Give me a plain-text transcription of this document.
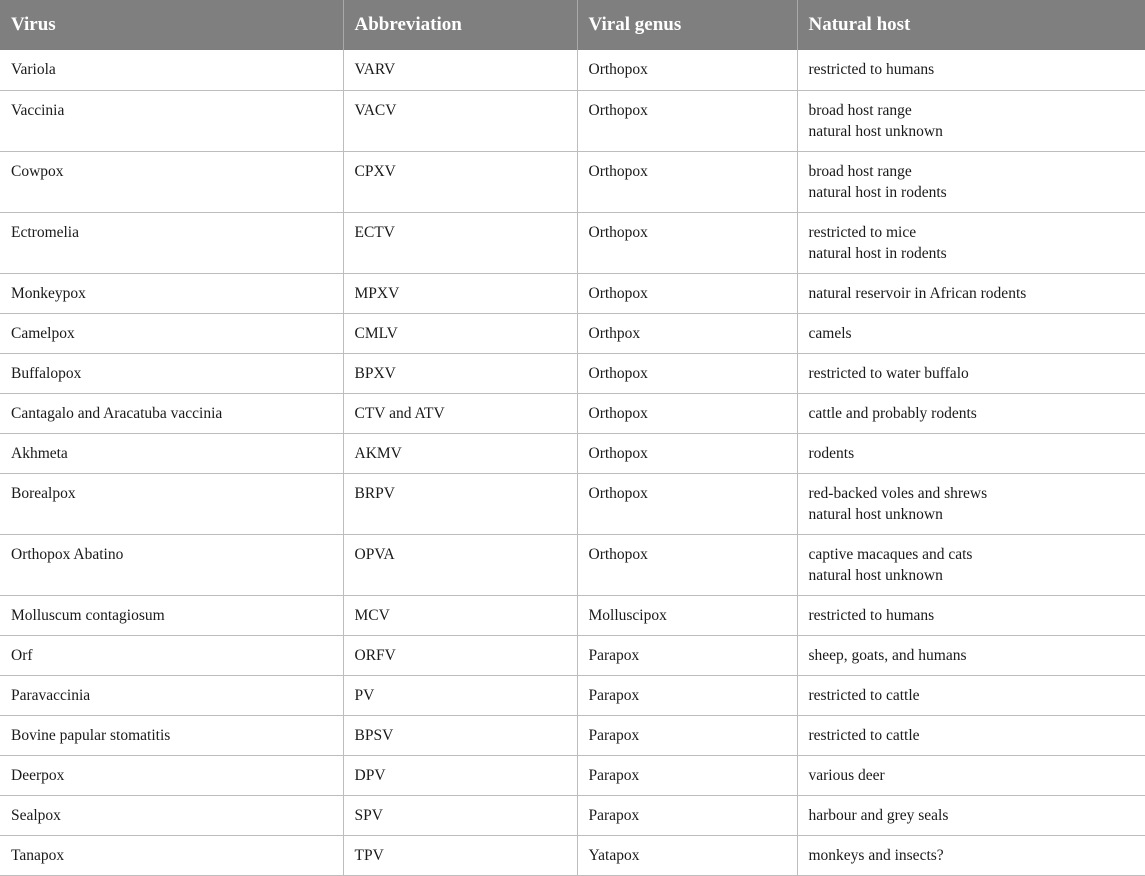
Virus	Abbreviation	Viral genus	Natural host
Variola	VARV	Orthopox	restricted to humans

Vaccinia	VACV	Orthopox	broad host range
natural host unknown

Cowpox	CPXV	Orthopox	broad host range
natural host in rodents

Ectromelia	ECTV	Orthopox	restricted to mice
natural host in rodents

Monkeypox	MPXV	Orthopox	natural reservoir in African rodents

Camelpox	CMLV	Orthpox	camels

Buffalopox	BPXV	Orthopox	restricted to water buffalo

Cantagalo and Aracatuba vaccinia	CTV and ATV	Orthopox	cattle and probably rodents

Akhmeta	AKMV	Orthopox	rodents

Borealpox	BRPV	Orthopox	red-backed voles and shrews
natural host unknown

Orthopox Abatino	OPVA	Orthopox	captive macaques and cats
natural host unknown

Molluscum contagiosum	MCV	Molluscipox	restricted to humans

Orf	ORFV	Parapox	sheep, goats, and humans

Paravaccinia	PV	Parapox	restricted to cattle

Bovine papular stomatitis	BPSV	Parapox	restricted to cattle

Deerpox	DPV	Parapox	various deer

Sealpox	SPV	Parapox	harbour and grey seals

Tanapox	TPV	Yatapox	monkeys and insects?
